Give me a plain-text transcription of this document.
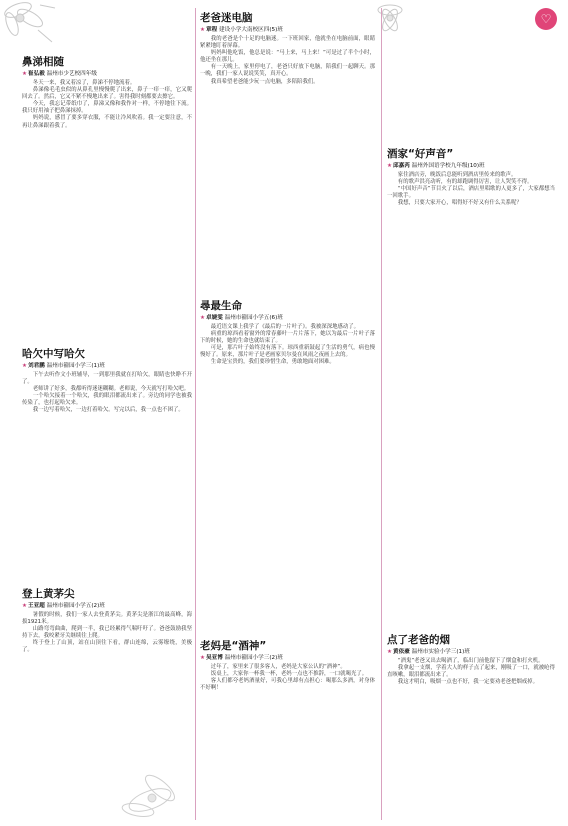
♡
鼻涕相随
★崔弘毅 温州市少艺校四年级

冬天一来，我又着凉了，鼻涕不停地流着。

鼻涕像毛毛虫似的从鼻孔里慢慢爬了出来，鼻子一痒一痒，它又爬回去了。然后，它又不紧不慢地出来了。害得我时刻都要去擦它。

今天，我忘记带纸巾了，鼻涕又像和我作对一样，不停地往下流。我只好用袖子把鼻涕抹掉。

妈妈说，感冒了要多穿衣服，不能让冷风吹着。我一定要注意，不再让鼻涕跟着我了。

哈欠中写哈欠
★刘君鹏 温州市籀园小学三(1)班

下午去听作文小班辅导，一到那里我就在打哈欠，眼睛也快睁不开了。

老师讲了好多，我都听得迷迷糊糊。老师说，今天就写打哈欠吧。

一个哈欠接着一个哈欠，我的眼泪都流出来了。旁边的同学也被我传染了，也打起哈欠来。

我一边写着哈欠，一边打着哈欠。写完以后，我一点也不困了。

登上黄茅尖
★王亚超 温州市籀园小学五(2)班

暑假的时候，我们一家人去登黄茅尖。黄茅尖是浙江的最高峰，海拔1921米。

山路弯弯曲曲，爬到一半，我已经累得气喘吁吁了。爸爸鼓励我坚持下去，我咬紧牙关继续往上爬。

终于登上了山顶，站在山顶往下看，群山连绵，云雾缭绕，美极了。

老爸迷电脑
★章程 建设小学大南校区四(5)班

我的老爸是个十足的电脑迷。一下班回家，他就坐在电脑前面，眼睛紧紧地盯着屏幕。

妈妈叫他吃饭，他总是说：“马上来，马上来！”可是过了半个小时，他还坐在那儿。

有一天晚上，家里停电了，老爸只好放下电脑，陪我们一起聊天。那一晚，我们一家人说说笑笑，真开心。

我真希望老爸能少玩一点电脑，多陪陪我们。

尋最生命
★卓婕雯 温州市籀园小学五(6)班

最近语文课上我学了《最后的一片叶子》。我被深深地感动了。

病重的琼西看着窗外的常春藤叶一片片落下，她以为最后一片叶子落下的时候，她的生命也就结束了。

可是，那片叶子始终没有落下。琼西重新鼓起了生活的勇气，病也慢慢好了。原来，那片叶子是老画家贝尔曼在风雨之夜画上去的。

生命是宝贵的，我们要珍惜生命，勇敢地面对困难。

老妈是“酒神”
★吴亚博 温州市籀园小学三(2)班

过年了，家里来了很多客人，老妈是大家公认的“酒神”。

饭桌上，大家你一杯我一杯，老妈一点也不推辞，一口就喝光了。

客人们都夸老妈酒量好，可我心里却有点担心：喝那么多酒，对身体不好啊！

酒家“好声音”
★邱嘉芮 温州外国语学校九年级(10)班

家住酒店旁，晚饭后总能听到酒店里传来的歌声。

有的歌声洪亮动听，有的却跑调得厉害，让人哭笑不得。

“中国好声音”节目火了以后，酒店里唱歌的人更多了，大家都想当一回歌手。

我想，只要大家开心，唱得好不好又有什么关系呢？

点了老爸的烟
★黄依豪 温州市实验小学三(1)班

“酒鬼”老爸又出去喝酒了，临出门前他留下了烟盒和打火机。

我拿起一支烟，学着大人的样子点了起来，刚吸了一口，就被呛得直咳嗽，眼泪都流出来了。

我这才明白，吸烟一点也不好，我一定要劝老爸把烟戒掉。
